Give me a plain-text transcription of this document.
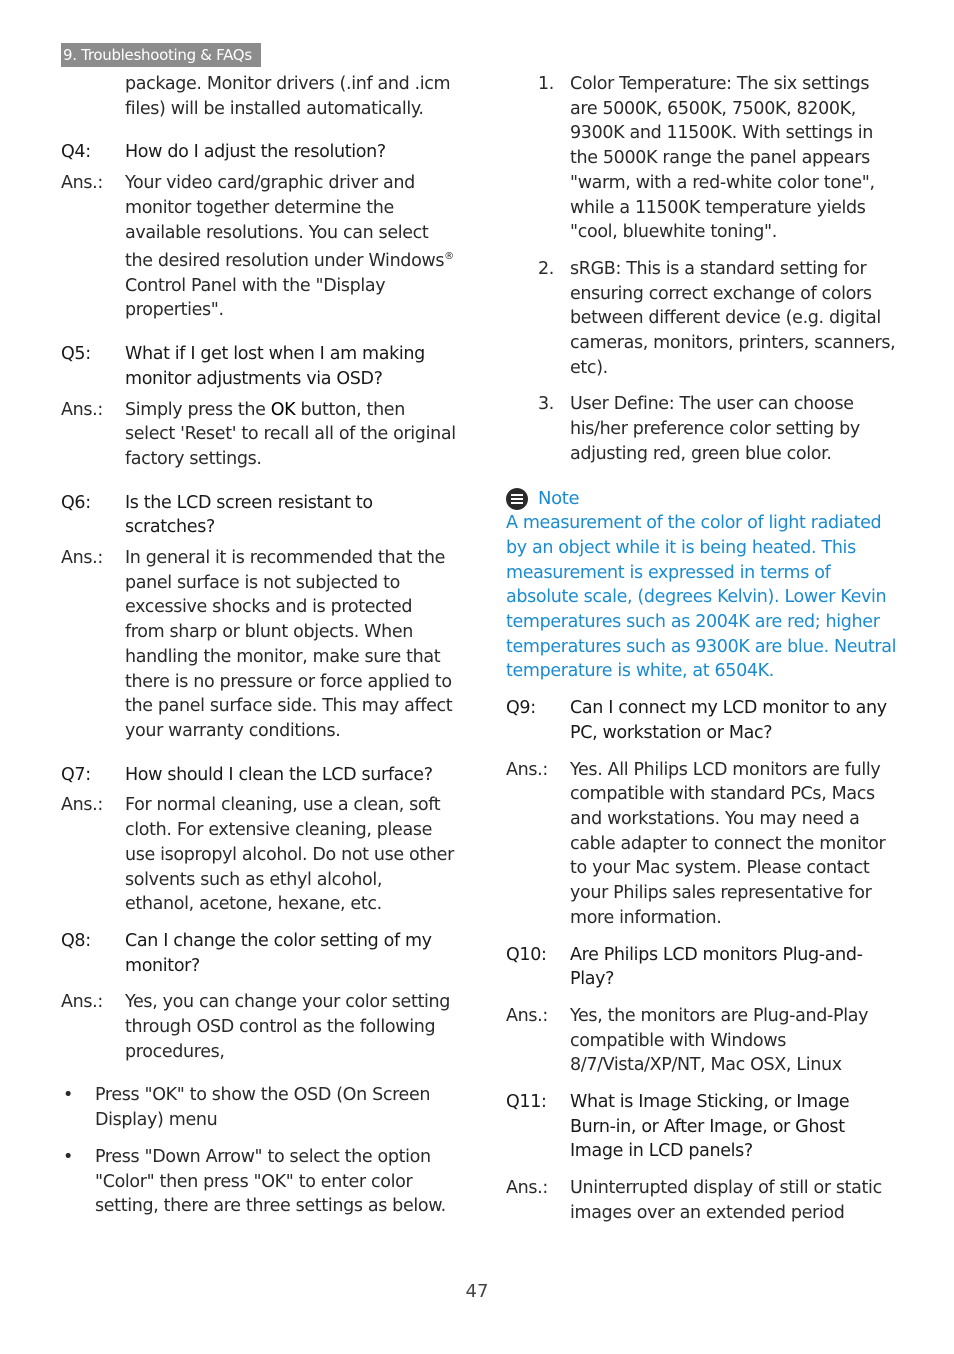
9. Troubleshooting & FAQs
package. Monitor drivers (.inf and .icm files) will be installed automatically.
Q4:	How do I adjust the resolution?
Ans.:	Your video card/graphic driver and monitor together determine the available resolutions. You can select the desired resolution under Windows® Control Panel with the "Display properties".
Q5:	What if I get lost when I am making monitor adjustments via OSD?
Ans.:	Simply press the OK button, then select 'Reset' to recall all of the original factory settings.
Q6:	Is the LCD screen resistant to scratches?
Ans.:	In general it is recommended that the panel surface is not subjected to excessive shocks and is protected from sharp or blunt objects. When handling the monitor, make sure that there is no pressure or force applied to the panel surface side. This may affect your warranty conditions.
Q7:	How should I clean the LCD surface?
Ans.:	For normal cleaning, use a clean, soft cloth. For extensive cleaning, please use isopropyl alcohol. Do not use other solvents such as ethyl alcohol, ethanol, acetone, hexane, etc.
Q8:	Can I change the color setting of my monitor?
Ans.:	Yes, you can change your color setting through OSD control as the following procedures,
•	Press "OK" to show the OSD (On Screen Display) menu
•	Press "Down Arrow" to select the option "Color" then press "OK" to enter color setting, there are three settings as below.
1. Color Temperature: The six settings are 5000K, 6500K, 7500K, 8200K, 9300K and 11500K. With settings in the 5000K range the panel appears "warm, with a red-white color tone", while a 11500K temperature yields "cool, bluewhite toning".
2. sRGB: This is a standard setting for ensuring correct exchange of colors between different device (e.g. digital cameras, monitors, printers, scanners, etc).
3. User Define: The user can choose his/her preference color setting by adjusting red, green blue color.
Note
A measurement of the color of light radiated by an object while it is being heated. This measurement is expressed in terms of absolute scale, (degrees Kelvin). Lower Kevin temperatures such as 2004K are red; higher temperatures such as 9300K are blue. Neutral temperature is white, at 6504K.
Q9:	Can I connect my LCD monitor to any PC, workstation or Mac?
Ans.:	Yes. All Philips LCD monitors are fully compatible with standard PCs, Macs and workstations. You may need a cable adapter to connect the monitor to your Mac system. Please contact your Philips sales representative for more information.
Q10:	Are Philips LCD monitors Plug-and-Play?
Ans.:	Yes, the monitors are Plug-and-Play compatible with Windows 8/7/Vista/XP/NT, Mac OSX, Linux
Q11:	What is Image Sticking, or Image Burn-in, or After Image, or Ghost Image in LCD panels?
Ans.:	Uninterrupted display of still or static images over an extended period
47
